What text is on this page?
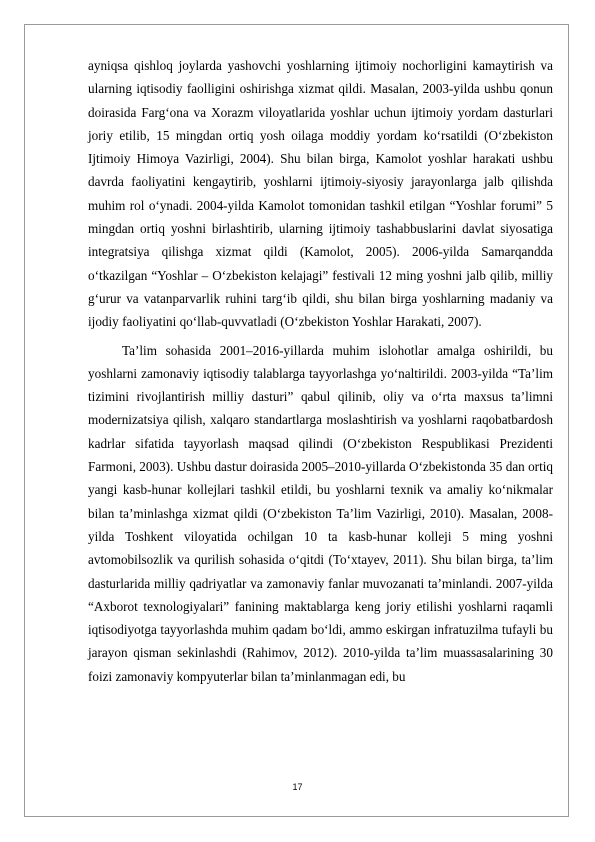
ayniqsa qishloq joylarda yashovchi yoshlarning ijtimoiy nochorligini kamaytirish va ularning iqtisodiy faolligini oshirishga xizmat qildi. Masalan, 2003-yilda ushbu qonun doirasida Farg‘ona va Xorazm viloyatlarida yoshlar uchun ijtimoiy yordam dasturlari joriy etilib, 15 mingdan ortiq yosh oilaga moddiy yordam ko‘rsatildi (O‘zbekiston Ijtimoiy Himoya Vazirligi, 2004). Shu bilan birga, Kamolot yoshlar harakati ushbu davrda faoliyatini kengaytirib, yoshlarni ijtimoiy-siyosiy jarayonlarga jalb qilishda muhim rol o‘ynadi. 2004-yilda Kamolot tomonidan tashkil etilgan “Yoshlar forumi” 5 mingdan ortiq yoshni birlashtirib, ularning ijtimoiy tashabbuslarini davlat siyosatiga integratsiya qilishga xizmat qildi (Kamolot, 2005). 2006-yilda Samarqandda o‘tkazilgan “Yoshlar – O‘zbekiston kelajagi” festivali 12 ming yoshni jalb qilib, milliy g‘urur va vatanparvarlik ruhini targ‘ib qildi, shu bilan birga yoshlarning madaniy va ijodiy faoliyatini qo‘llab-quvvatladi (O‘zbekiston Yoshlar Harakati, 2007).

Ta’lim sohasida 2001–2016-yillarda muhim islohotlar amalga oshirildi, bu yoshlarni zamonaviy iqtisodiy talablarga tayyorlashga yo‘naltirildi. 2003-yilda “Ta’lim tizimini rivojlantirish milliy dasturi” qabul qilinib, oliy va o‘rta maxsus ta’limni modernizatsiya qilish, xalqaro standartlarga moslashtirish va yoshlarni raqobatbardosh kadrlar sifatida tayyorlash maqsad qilindi (O‘zbekiston Respublikasi Prezidenti Farmoni, 2003). Ushbu dastur doirasida 2005–2010-yillarda O‘zbekistonda 35 dan ortiq yangi kasb-hunar kollejlari tashkil etildi, bu yoshlarni texnik va amaliy ko‘nikmalar bilan ta’minlashga xizmat qildi (O‘zbekiston Ta’lim Vazirligi, 2010). Masalan, 2008-yilda Toshkent viloyatida ochilgan 10 ta kasb-hunar kolleji 5 ming yoshni avtomobilsozlik va qurilish sohasida o‘qitdi (To‘xtayev, 2011). Shu bilan birga, ta’lim dasturlarida milliy qadriyatlar va zamonaviy fanlar muvozanati ta’minlandi. 2007-yilda “Axborot texnologiyalari” fanining maktablarga keng joriy etilishi yoshlarni raqamli iqtisodiyotga tayyorlashda muhim qadam bo‘ldi, ammo eskirgan infratuzilma tufayli bu jarayon qisman sekinlashdi (Rahimov, 2012). 2010-yilda ta’lim muassasalarining 30 foizi zamonaviy kompyuterlar bilan ta’minlanmagan edi, bu

17
